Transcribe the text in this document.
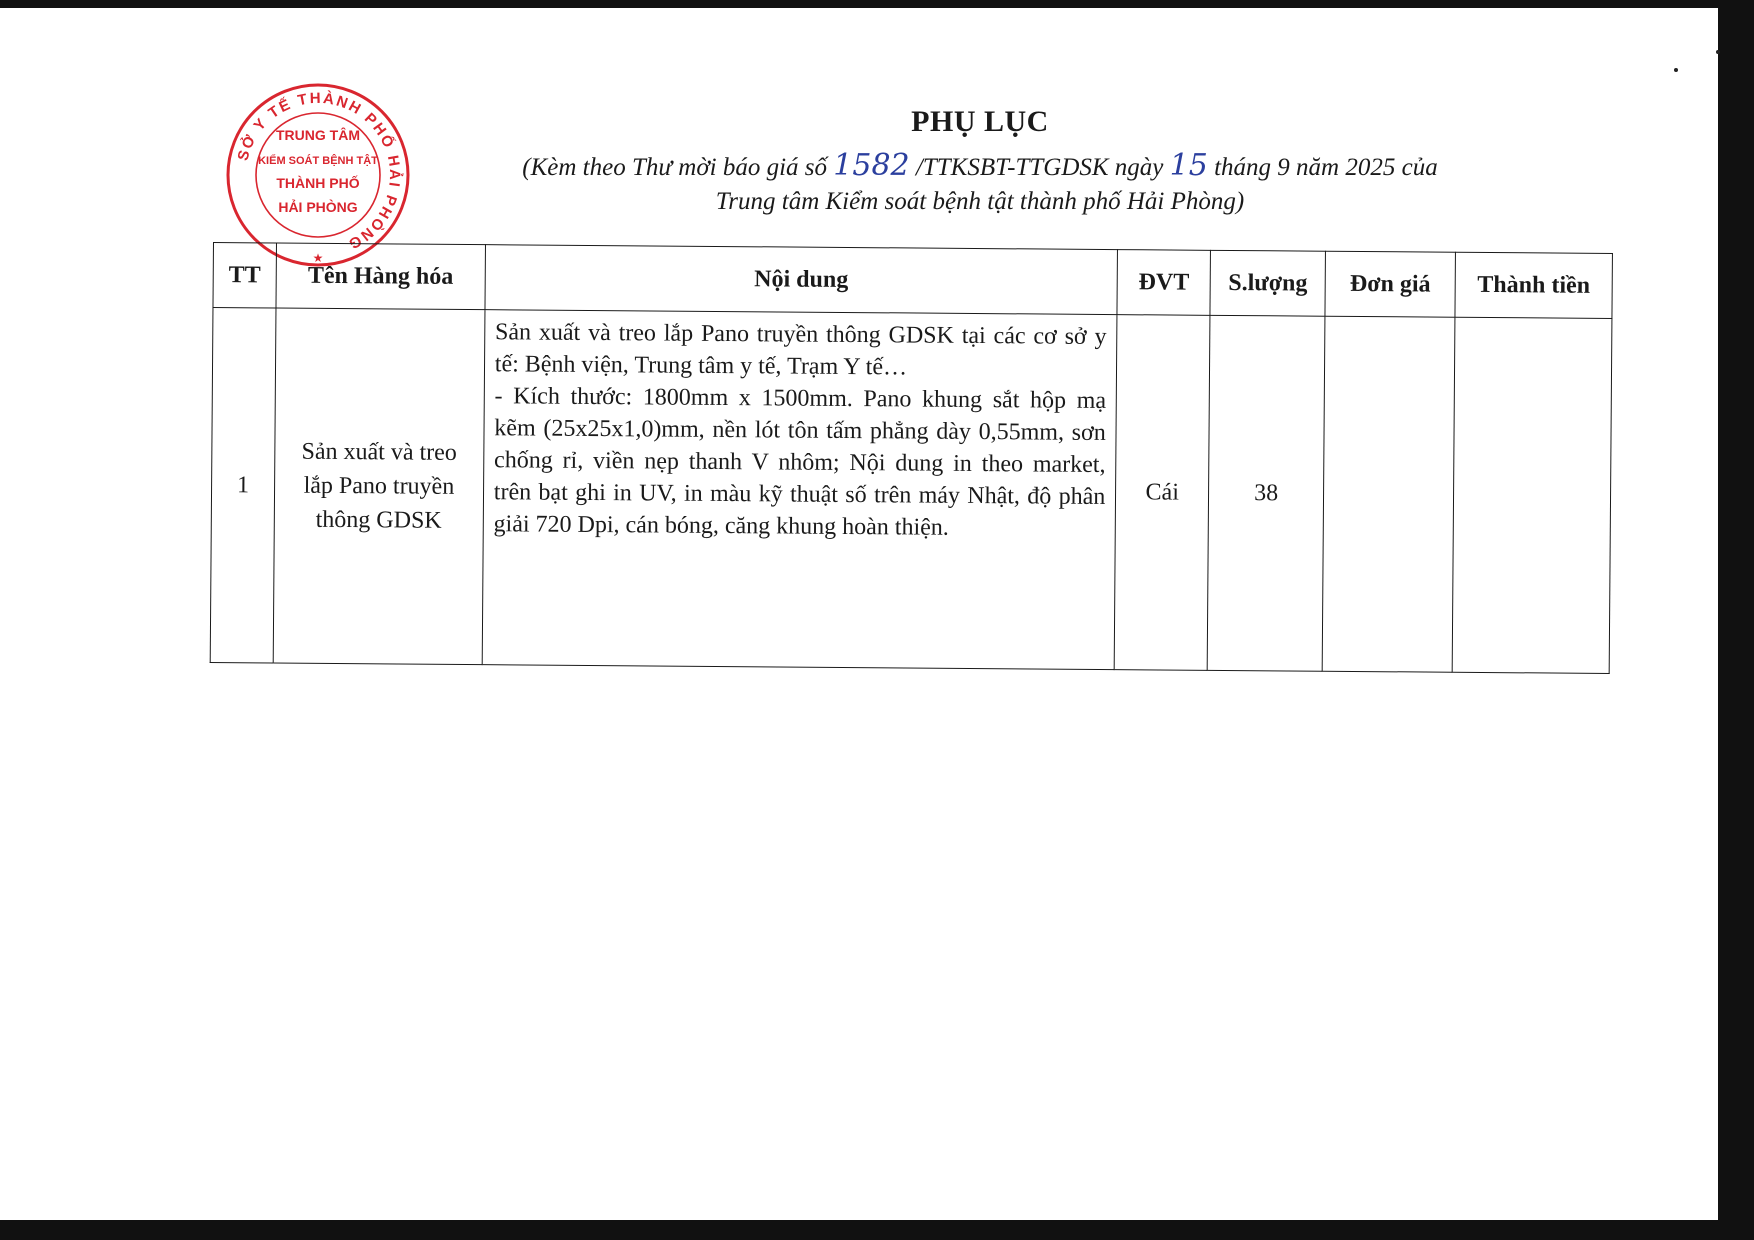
SỞ Y TẾ THÀNH PHỐ HẢI PHÒNG
TRUNG TÂM
KIỂM SOÁT BỆNH TẬT
THÀNH PHỐ
HẢI PHÒNG
★
PHỤ LỤC
(Kèm theo Thư mời báo giá số 1582 /TTKSBT-TTGDSK ngày 15 tháng 9 năm 2025 của
Trung tâm Kiểm soát bệnh tật thành phố Hải Phòng)
TT	Tên Hàng hóa	Nội dung	ĐVT	S.lượng	Đơn giá	Thành tiền
1	Sản xuất và treo lắp Pano truyền thông GDSK	Sản xuất và treo lắp Pano truyền thông GDSK tại các cơ sở y tế: Bệnh viện, Trung tâm y tế, Trạm Y tế…

- Kích thước: 1800mm x 1500mm. Pano khung sắt hộp mạ kẽm (25x25x1,0)mm, nền lót tôn tấm phẳng dày 0,55mm, sơn chống rỉ, viền nẹp thanh V nhôm; Nội dung in theo market, trên bạt ghi in UV, in màu kỹ thuật số trên máy Nhật, độ phân giải 720 Dpi, cán bóng, căng khung hoàn thiện.	Cái	38		
